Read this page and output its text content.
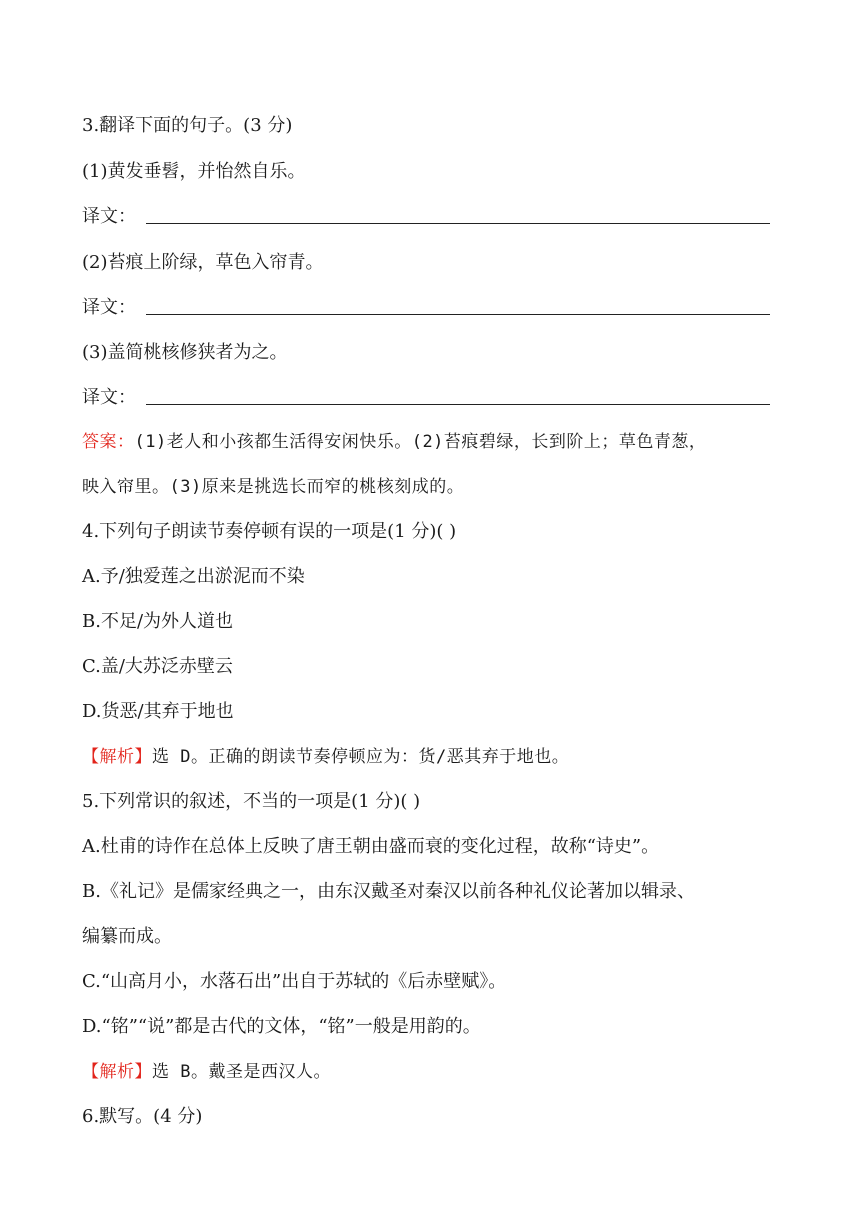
3.翻译下面的句子。(3 分)
(1)黄发垂髫，并怡然自乐。
译文：
(2)苔痕上阶绿，草色入帘青。
译文：
(3)盖简桃核修狭者为之。
译文：
答案：(1)老人和小孩都生活得安闲快乐。(2)苔痕碧绿，长到阶上；草色青葱，
映入帘里。(3)原来是挑选长而窄的桃核刻成的。
4.下列句子朗读节奏停顿有误的一项是(1 分)( )
A.予/独爱莲之出淤泥而不染
B.不足/为外人道也
C.盖/大苏泛赤壁云
D.货恶/其弃于地也
【解析】选 D。正确的朗读节奏停顿应为：货/恶其弃于地也。
5.下列常识的叙述，不当的一项是(1 分)( )
A.杜甫的诗作在总体上反映了唐王朝由盛而衰的变化过程，故称“诗史”。
B.《礼记》是儒家经典之一，由东汉戴圣对秦汉以前各种礼仪论著加以辑录、
编纂而成。
C.“山高月小，水落石出”出自于苏轼的《后赤壁赋》。
D.“铭”“说”都是古代的文体，“铭”一般是用韵的。
【解析】选 B。戴圣是西汉人。
6.默写。(4 分)
